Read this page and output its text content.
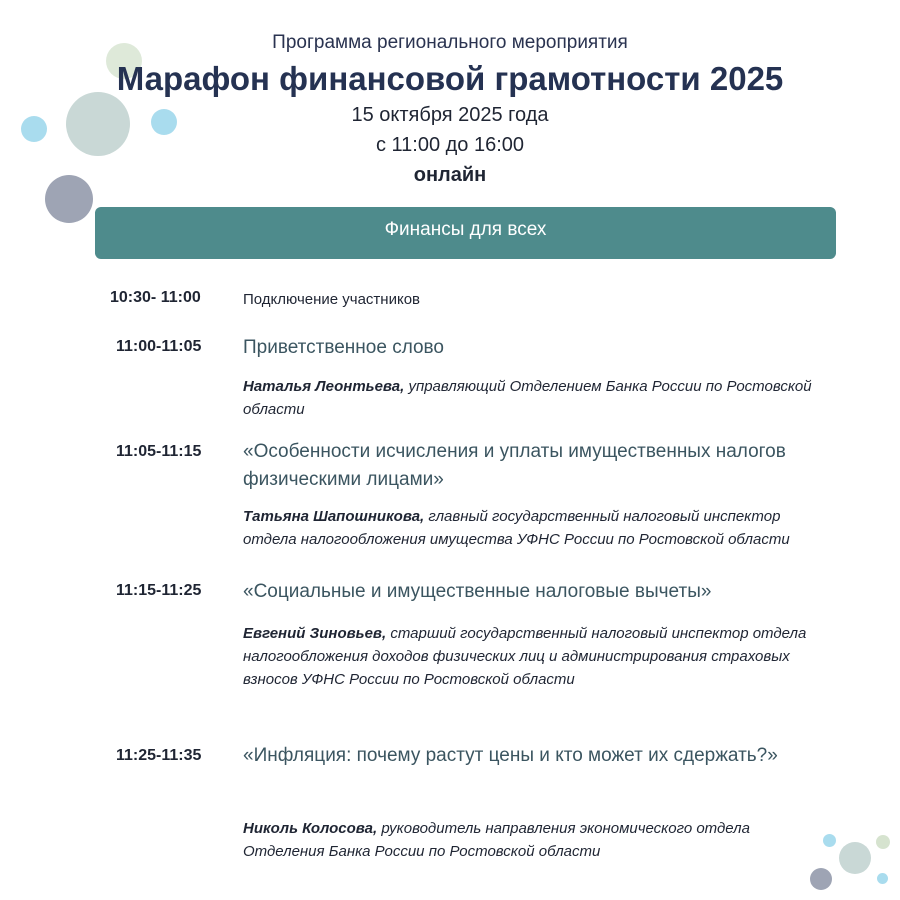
Программа регионального мероприятия
Марафон финансовой грамотности 2025
15 октября 2025 года
с 11:00 до 16:00
онлайн
Финансы для всех
10:30- 11:00	Подключение участников
11:00-11:05	Приветственное слово
Наталья Леонтьева, управляющий Отделением Банка России по Ростовской области
11:05-11:15	«Особенности исчисления и уплаты имущественных налогов физическими лицами»
Татьяна Шапошникова, главный государственный налоговый инспектор отдела налогообложения имущества УФНС России по Ростовской области
11:15-11:25	«Социальные и имущественные налоговые вычеты»
Евгений Зиновьев, старший государственный налоговый инспектор отдела налогообложения доходов физических лиц и администрирования страховых взносов УФНС России по Ростовской области
11:25-11:35	«Инфляция: почему растут цены и кто может их сдержать?»
Николь Колосова, руководитель направления экономического отдела Отделения Банка России по Ростовской области
